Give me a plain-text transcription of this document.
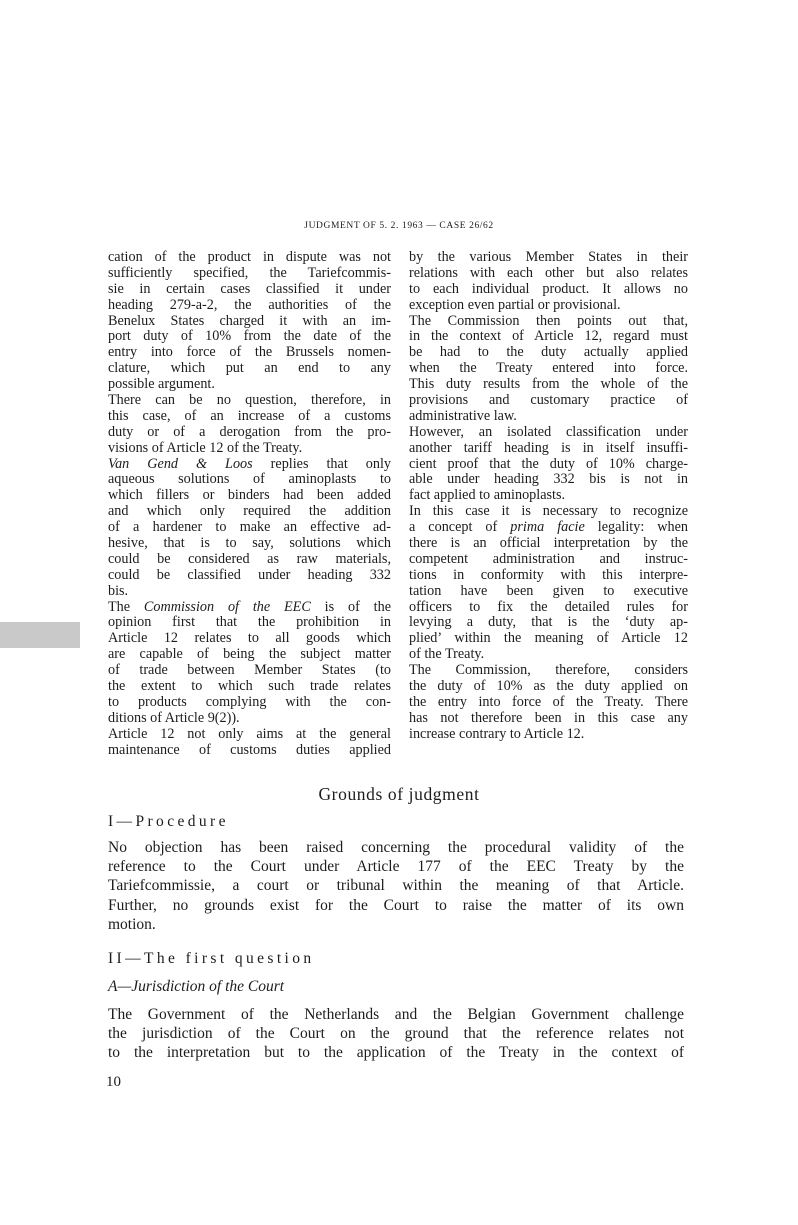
JUDGMENT OF 5. 2. 1963 — CASE 26/62
cation of the product in dispute was not
sufficiently specified, the Tariefcommis-
sie in certain cases classified it under
heading 279-a-2, the authorities of the
Benelux States charged it with an im-
port duty of 10% from the date of the
entry into force of the Brussels nomen-
clature, which put an end to any
possible argument.
There can be no question, therefore, in
this case, of an increase of a customs
duty or of a derogation from the pro-
visions of Article 12 of the Treaty.
Van Gend & Loos replies that only
aqueous solutions of aminoplasts to
which fillers or binders had been added
and which only required the addition
of a hardener to make an effective ad-
hesive, that is to say, solutions which
could be considered as raw materials,
could be classified under heading 332
bis.
The Commission of the EEC is of the
opinion first that the prohibition in
Article 12 relates to all goods which
are capable of being the subject matter
of trade between Member States (to
the extent to which such trade relates
to products complying with the con-
ditions of Article 9(2)).
Article 12 not only aims at the general
maintenance of customs duties applied
by the various Member States in their
relations with each other but also relates
to each individual product. It allows no
exception even partial or provisional.
The Commission then points out that,
in the context of Article 12, regard must
be had to the duty actually applied
when the Treaty entered into force.
This duty results from the whole of the
provisions and customary practice of
administrative law.
However, an isolated classification under
another tariff heading is in itself insuffi-
cient proof that the duty of 10% charge-
able under heading 332 bis is not in
fact applied to aminoplasts.
In this case it is necessary to recognize
a concept of prima facie legality: when
there is an official interpretation by the
competent administration and instruc-
tions in conformity with this interpre-
tation have been given to executive
officers to fix the detailed rules for
levying a duty, that is the ‘duty ap-
plied’ within the meaning of Article 12
of the Treaty.
The Commission, therefore, considers
the duty of 10% as the duty applied on
the entry into force of the Treaty. There
has not therefore been in this case any
increase contrary to Article 12.
Grounds of judgment
I—Procedure
No objection has been raised concerning the procedural validity of the
reference to the Court under Article 177 of the EEC Treaty by the
Tariefcommissie, a court or tribunal within the meaning of that Article.
Further, no grounds exist for the Court to raise the matter of its own
motion.
II—The first question
A—Jurisdiction of the Court
The Government of the Netherlands and the Belgian Government challenge
the jurisdiction of the Court on the ground that the reference relates not
to the interpretation but to the application of the Treaty in the context of
10
